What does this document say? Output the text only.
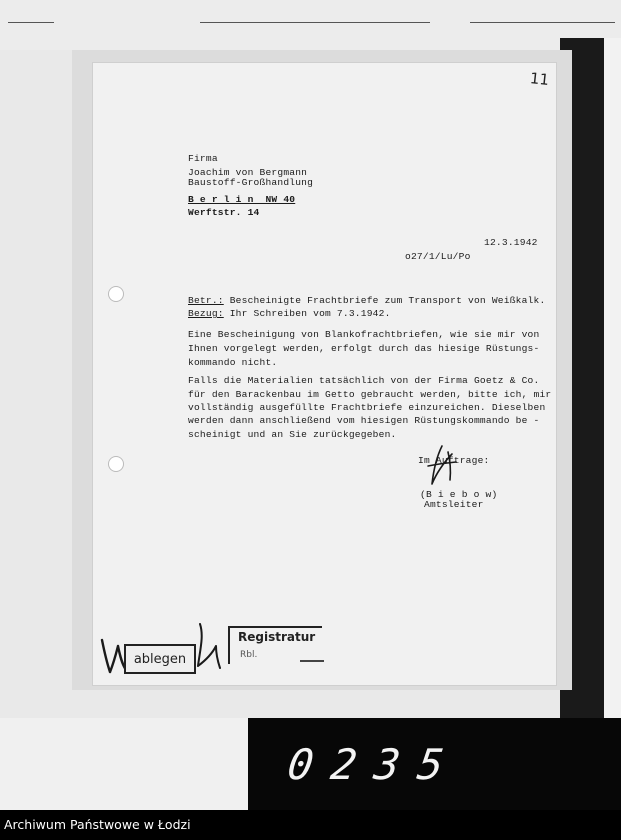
11

Firma

Joachim von Bergmann

Baustoff-Großhandlung

B e r l i n  NW 40

Werftstr. 14

12.3.1942

o27/1/Lu/Po

Betr.: Bescheinigte Frachtbriefe zum Transport von Weißkalk.

Bezug: Ihr Schreiben vom 7.3.1942.

Eine Bescheinigung von Blankofrachtbriefen, wie sie mir von

Ihnen vorgelegt werden, erfolgt durch das hiesige Rüstungs-

kommando nicht.

Falls die Materialien tatsächlich von der Firma Goetz & Co.

für den Barackenbau im Getto gebraucht werden, bitte ich, mir

vollständig ausgefüllte Frachtbriefe einzureichen. Dieselben

werden dann anschließend vom hiesigen Rüstungskommando be -

scheinigt und an Sie zurückgegeben.

Im Auftrage:

(B i e b o w)

Amtsleiter

ablegen
Registratur
Rbl.
0235
Archiwum Państwowe w Łodzi
